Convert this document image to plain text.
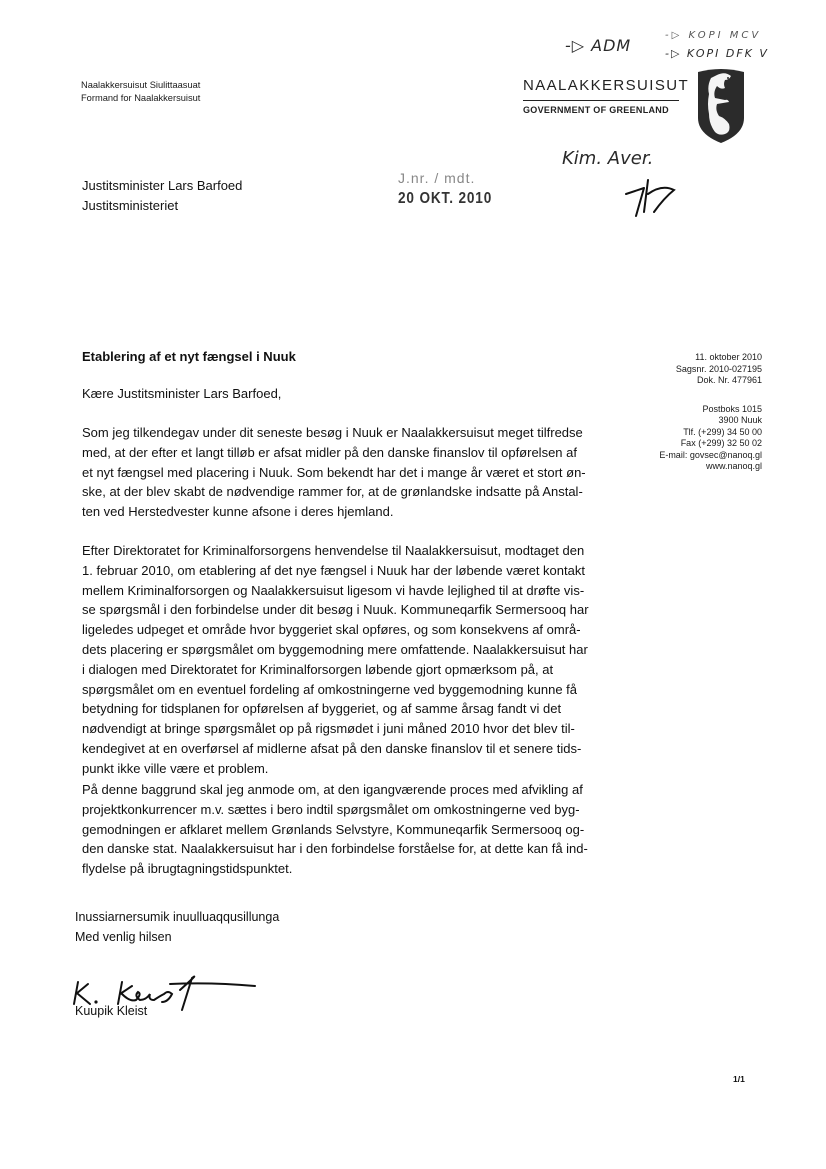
Naalakkersuisut Siulittaasuat
Formand for Naalakkersuisut
-▷ ADM
-▷ KOPI MCV
-▷ KOPI DFK V
NAALAKKERSUISUT
GOVERNMENT OF GREENLAND
Justitsminister Lars Barfoed
Justitsministeriet
J.nr. / mdt.
20 OKT. 2010
Kim. Aver.
Etablering af et nyt fængsel i Nuuk	11. oktober 2010
Sagsnr. 2010-027195
Dok. Nr. 477961
Postboks 1015
3900 Nuuk
Tlf. (+299) 34 50 00
Fax (+299) 32 50 02
E-mail: govsec@nanoq.gl
www.nanoq.gl
Kære Justitsminister Lars Barfoed,
Som jeg tilkendegav under dit seneste besøg i Nuuk er Naalakkersuisut meget tilfredse
med, at der efter et langt tilløb er afsat midler på den danske finanslov til opførelsen af
et nyt fængsel med placering i Nuuk. Som bekendt har det i mange år været et stort øn-
ske, at der blev skabt de nødvendige rammer for, at de grønlandske indsatte på Anstal-
ten ved Herstedvester kunne afsone i deres hjemland.
Efter Direktoratet for Kriminalforsorgens henvendelse til Naalakkersuisut, modtaget den
1. februar 2010, om etablering af det nye fængsel i Nuuk har der løbende været kontakt
mellem Kriminalforsorgen og Naalakkersuisut ligesom vi havde lejlighed til at drøfte vis-
se spørgsmål i den forbindelse under dit besøg i Nuuk. Kommuneqarfik Sermersooq har
ligeledes udpeget et område hvor byggeriet skal opføres, og som konsekvens af områ-
dets placering er spørgsmålet om byggemodning mere omfattende. Naalakkersuisut har
i dialogen med Direktoratet for Kriminalforsorgen løbende gjort opmærksom på, at
spørgsmålet om en eventuel fordeling af omkostningerne ved byggemodning kunne få
betydning for tidsplanen for opførelsen af byggeriet, og af samme årsag fandt vi det
nødvendigt at bringe spørgsmålet op på rigsmødet i juni måned 2010 hvor det blev til-
kendegivet at en overførsel af midlerne afsat på den danske finanslov til et senere tids-
punkt ikke ville være et problem.
På denne baggrund skal jeg anmode om, at den igangværende proces med afvikling af
projektkonkurrencer m.v. sættes i bero indtil spørgsmålet om omkostningerne ved byg-
gemodningen er afklaret mellem Grønlands Selvstyre, Kommuneqarfik Sermersooq og-
den danske stat. Naalakkersuisut har i den forbindelse forståelse for, at dette kan få ind-
flydelse på ibrugtagningstidspunktet.
Inussiarnersumik inuulluaqqusillunga
Med venlig hilsen
Kuupik Kleist
1/1
